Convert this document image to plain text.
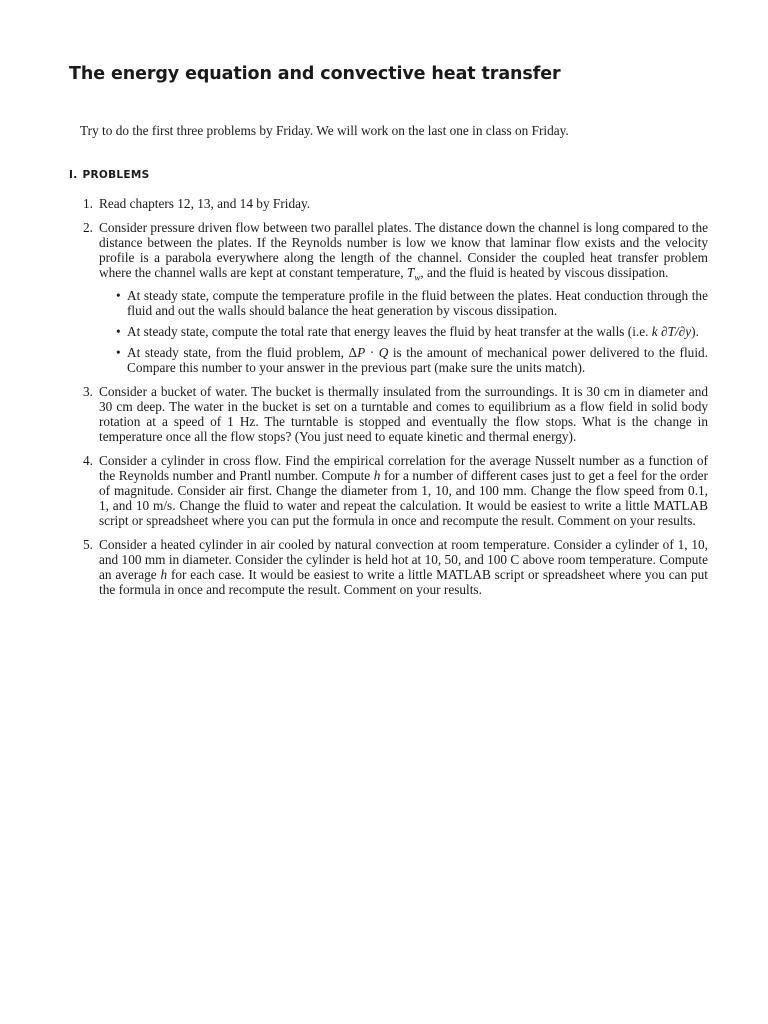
The energy equation and convective heat transfer

Try to do the first three problems by Friday. We will work on the last one in class on Friday.

I. PROBLEMS
1. Read chapters 12, 13, and 14 by Friday.
2. Consider pressure driven flow between two parallel plates. The distance down the channel is long compared to the distance between the plates. If the Reynolds number is low we know that laminar flow exists and the velocity profile is a parabola everywhere along the length of the channel. Consider the coupled heat transfer problem where the channel walls are kept at constant temperature, $T_w$, and the fluid is heated by viscous dissipation.
• At steady state, compute the temperature profile in the fluid between the plates. Heat conduction through the fluid and out the walls should balance the heat generation by viscous dissipation.
• At steady state, compute the total rate that energy leaves the fluid by heat transfer at the walls (i.e. k ∂T/∂y).
• At steady state, from the fluid problem, ΔP · Q is the amount of mechanical power delivered to the fluid. Compare this number to your answer in the previous part (make sure the units match).
3. Consider a bucket of water. The bucket is thermally insulated from the surroundings. It is 30 cm in diameter and 30 cm deep. The water in the bucket is set on a turntable and comes to equilibrium as a flow field in solid body rotation at a speed of 1 Hz. The turntable is stopped and eventually the flow stops. What is the change in temperature once all the flow stops? (You just need to equate kinetic and thermal energy).
4. Consider a cylinder in cross flow. Find the empirical correlation for the average Nusselt number as a function of the Reynolds number and Prantl number. Compute h for a number of different cases just to get a feel for the order of magnitude. Consider air first. Change the diameter from 1, 10, and 100 mm. Change the flow speed from 0.1, 1, and 10 m/s. Change the fluid to water and repeat the calculation. It would be easiest to write a little MATLAB script or spreadsheet where you can put the formula in once and recompute the result. Comment on your results.
5. Consider a heated cylinder in air cooled by natural convection at room temperature. Consider a cylinder of 1, 10, and 100 mm in diameter. Consider the cylinder is held hot at 10, 50, and 100 C above room temperature. Compute an average h for each case. It would be easiest to write a little MATLAB script or spreadsheet where you can put the formula in once and recompute the result. Comment on your results.
